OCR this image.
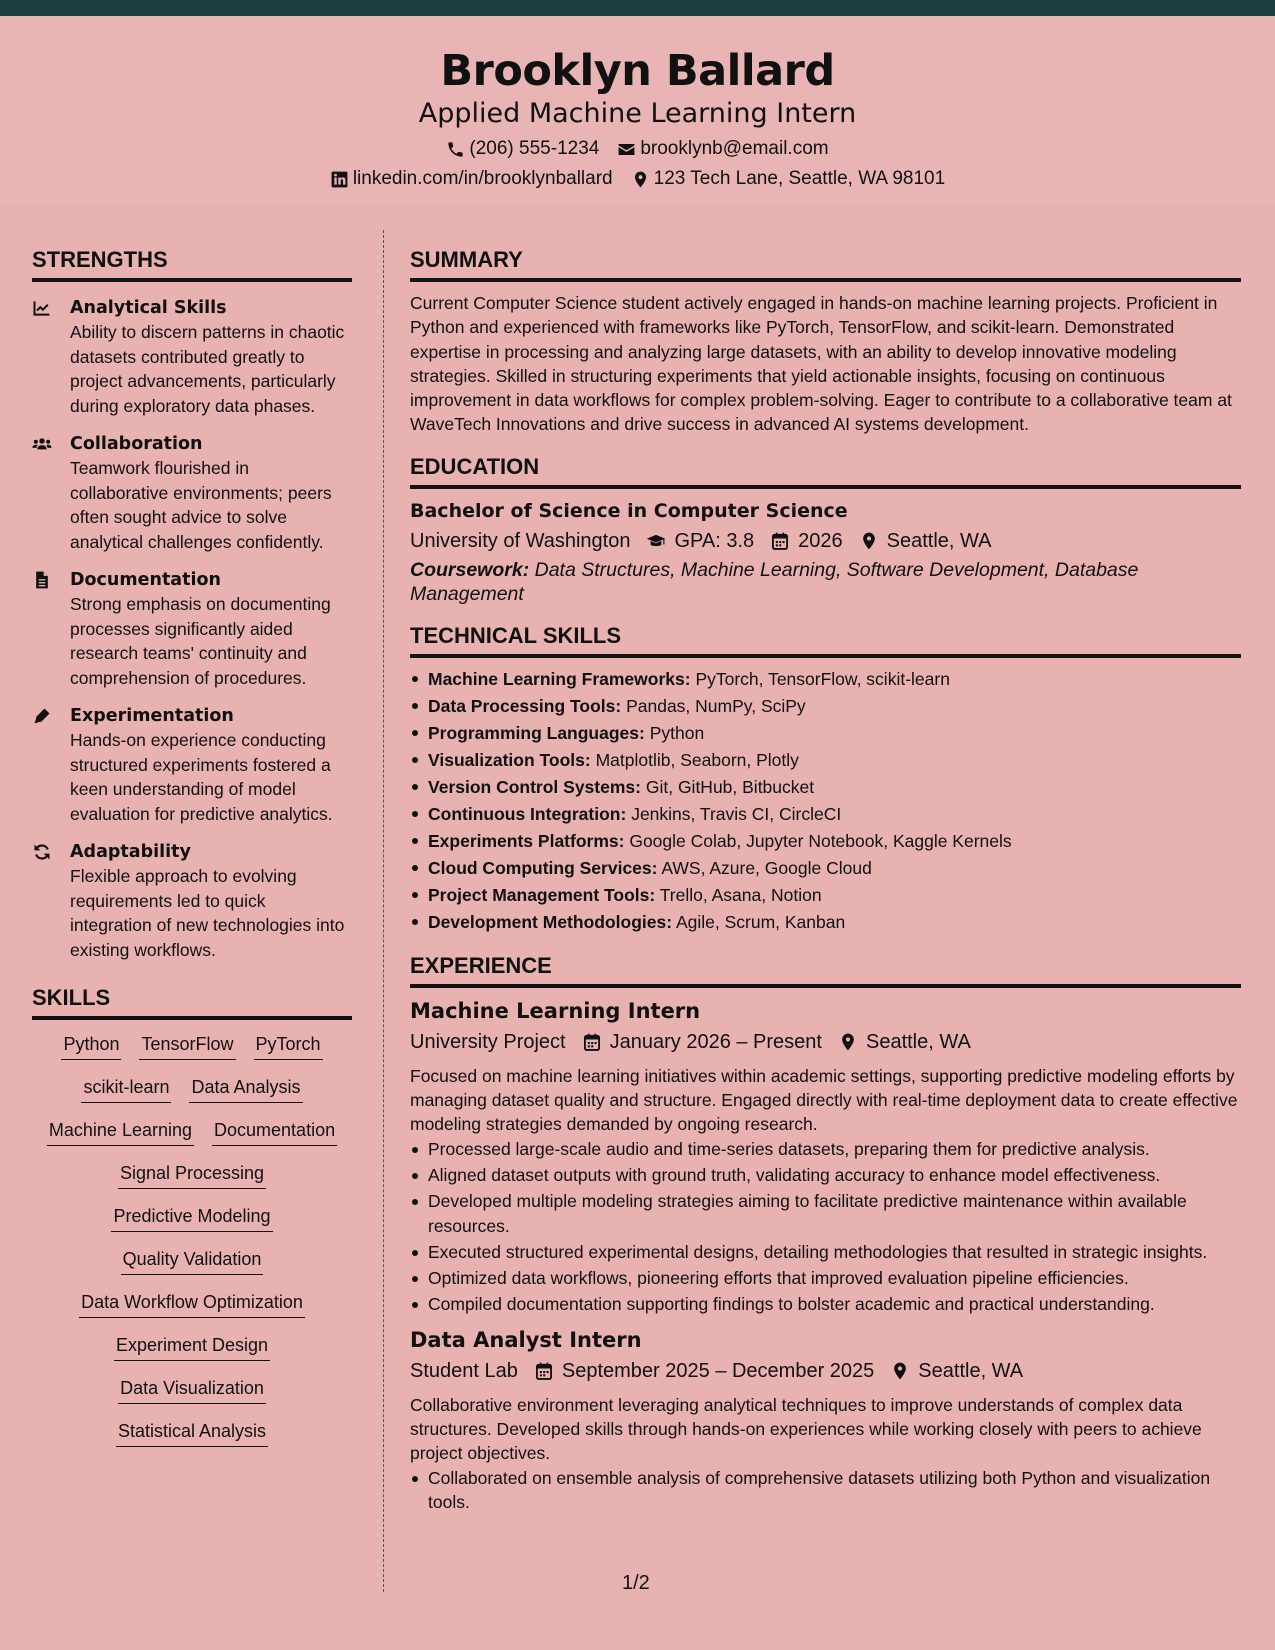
Brooklyn Ballard
Applied Machine Learning Intern
(206) 555-1234 brooklynb@email.com
linkedin.com/in/brooklynballard 123 Tech Lane, Seattle, WA 98101
STRENGTHS
Analytical Skills
Ability to discern patterns in chaotic datasets contributed greatly to project advancements, particularly during exploratory data phases.
Collaboration
Teamwork flourished in collaborative environments; peers often sought advice to solve analytical challenges confidently.
Documentation
Strong emphasis on documenting processes significantly aided research teams' continuity and comprehension of procedures.
Experimentation
Hands-on experience conducting structured experiments fostered a keen understanding of model evaluation for predictive analytics.
Adaptability
Flexible approach to evolving requirements led to quick integration of new technologies into existing workflows.
SKILLS
Python TensorFlow PyTorch
scikit-learn Data Analysis
Machine Learning Documentation
Signal Processing
Predictive Modeling
Quality Validation
Data Workflow Optimization
Experiment Design
Data Visualization
Statistical Analysis
SUMMARY
Current Computer Science student actively engaged in hands-on machine learning projects. Proficient in Python and experienced with frameworks like PyTorch, TensorFlow, and scikit-learn. Demonstrated expertise in processing and analyzing large datasets, with an ability to develop innovative modeling strategies. Skilled in structuring experiments that yield actionable insights, focusing on continuous improvement in data workflows for complex problem-solving. Eager to contribute to a collaborative team at WaveTech Innovations and drive success in advanced AI systems development.
EDUCATION
Bachelor of Science in Computer Science
University of Washington GPA: 3.8 2026 Seattle, WA
Coursework: Data Structures, Machine Learning, Software Development, Database Management
TECHNICAL SKILLS
Machine Learning Frameworks: PyTorch, TensorFlow, scikit-learn
Data Processing Tools: Pandas, NumPy, SciPy
Programming Languages: Python
Visualization Tools: Matplotlib, Seaborn, Plotly
Version Control Systems: Git, GitHub, Bitbucket
Continuous Integration: Jenkins, Travis CI, CircleCI
Experiments Platforms: Google Colab, Jupyter Notebook, Kaggle Kernels
Cloud Computing Services: AWS, Azure, Google Cloud
Project Management Tools: Trello, Asana, Notion
Development Methodologies: Agile, Scrum, Kanban
EXPERIENCE
Machine Learning Intern
University Project January 2026 – Present Seattle, WA
Focused on machine learning initiatives within academic settings, supporting predictive modeling efforts by managing dataset quality and structure. Engaged directly with real-time deployment data to create effective modeling strategies demanded by ongoing research.
Processed large-scale audio and time-series datasets, preparing them for predictive analysis.
Aligned dataset outputs with ground truth, validating accuracy to enhance model effectiveness.
Developed multiple modeling strategies aiming to facilitate predictive maintenance within available resources.
Executed structured experimental designs, detailing methodologies that resulted in strategic insights.
Optimized data workflows, pioneering efforts that improved evaluation pipeline efficiencies.
Compiled documentation supporting findings to bolster academic and practical understanding.
Data Analyst Intern
Student Lab September 2025 – December 2025 Seattle, WA
Collaborative environment leveraging analytical techniques to improve understands of complex data structures. Developed skills through hands-on experiences while working closely with peers to achieve project objectives.
Collaborated on ensemble analysis of comprehensive datasets utilizing both Python and visualization tools.
1/2
